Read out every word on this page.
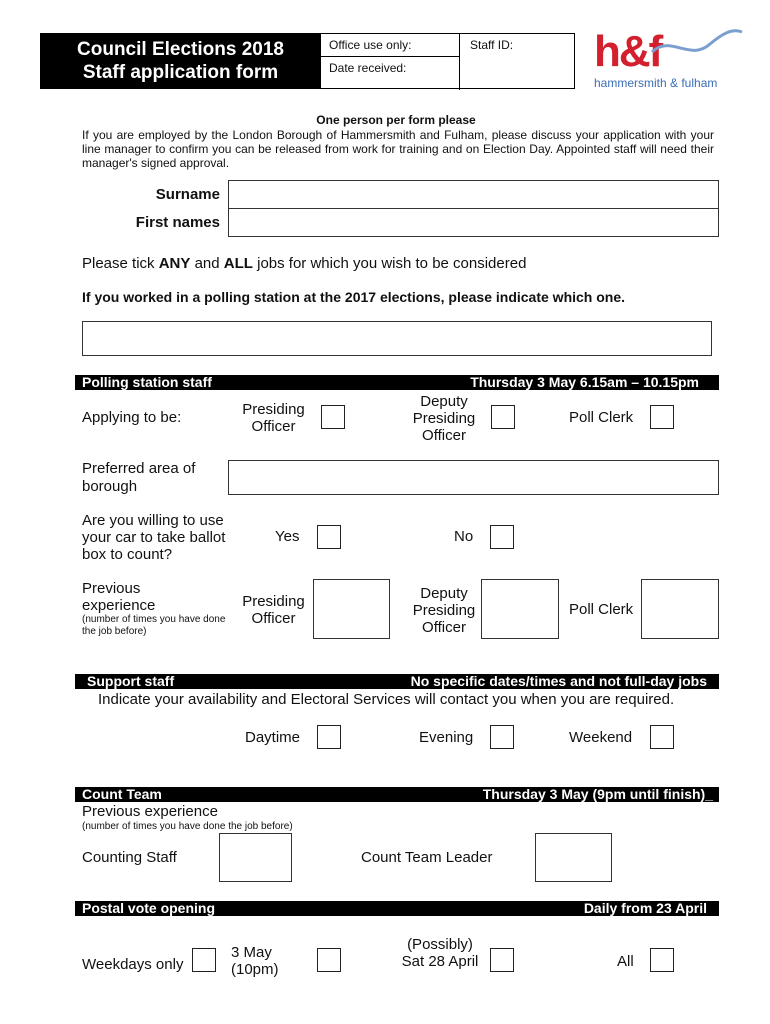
Council Elections 2018
Staff application form
Office use only:	Staff ID:
Date received:	h&f
hammersmith & fulham
One person per form please
If you are employed by the London Borough of Hammersmith and Fulham, please discuss your application with your line manager to confirm you can be released from work for training and on Election Day. Appointed staff will need their manager's signed approval.
Surname
First names
Please tick ANY and ALL jobs for which you wish to be considered
If you worked in a polling station at the 2017 elections, please indicate which one.
Polling station staff	Thursday 3 May 6.15am – 10.15pm
Applying to be:	Presiding Officer
Deputy Presiding Officer
Poll Clerk
Preferred area of borough
Are you willing to use your car to take ballot box to count?
Yes	No
Previous experience
(number of times you have done the job before)
Presiding Officer
Deputy Presiding Officer
Poll Clerk
Support staff	No specific dates/times and not full-day jobs
Indicate your availability and Electoral Services will contact you when you are required.
Daytime	Evening	Weekend
Count Team	Thursday 3 May (9pm until finish)_
Previous experience
(number of times you have done the job before)
Counting Staff	Count Team Leader
Postal vote opening	Daily from 23 April
Weekdays only
3 May (10pm)
(Possibly) Sat 28 April	All
